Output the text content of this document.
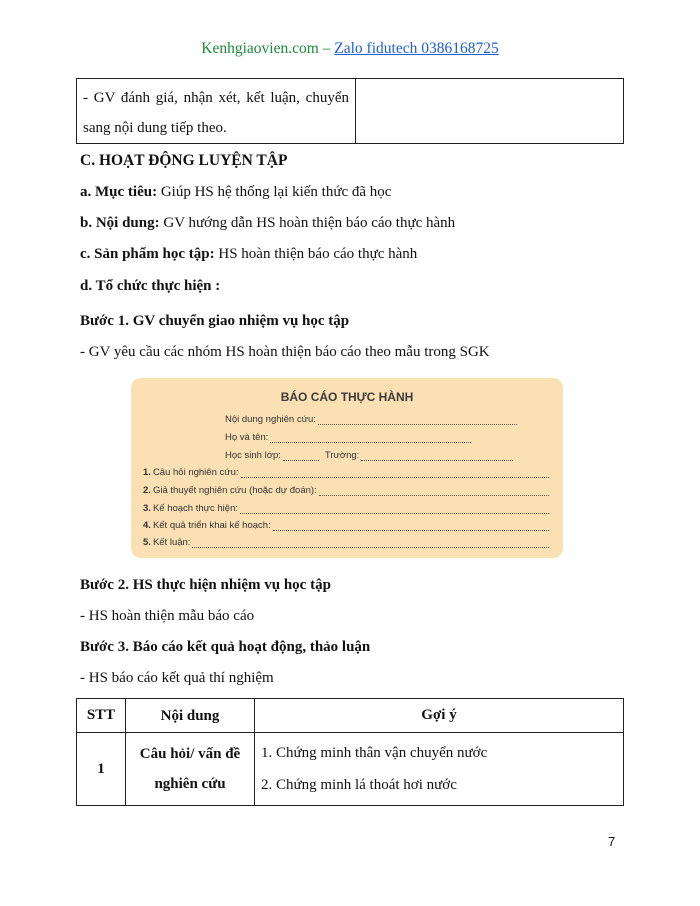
Kenhgiaovien.com – Zalo fidutech 0386168725
- GV đánh giá, nhận xét, kết luận, chuyển sang nội dung tiếp theo.	
C. HOẠT ĐỘNG LUYỆN TẬP
a. Mục tiêu: Giúp HS hệ thống lại kiến thức đã học
b. Nội dung: GV hướng dẫn HS hoàn thiện báo cáo thực hành
c. Sản phẩm học tập: HS hoàn thiện báo cáo thực hành
d. Tổ chức thực hiện :
Bước 1. GV chuyển giao nhiệm vụ học tập
- GV yêu cầu các nhóm HS hoàn thiện báo cáo theo mẫu trong SGK
BÁO CÁO THỰC HÀNH
Nội dung nghiên cứu:
Họ và tên:
Học sinh lớp:	Trường:
1. Câu hỏi nghiên cứu:
2. Giả thuyết nghiên cứu (hoặc dự đoán):
3. Kế hoạch thực hiện:
4. Kết quả triển khai kế hoạch:
5. Kết luận:
Bước 2. HS thực hiện nhiệm vụ học tập
- HS hoàn thiện mẫu báo cáo
Bước 3. Báo cáo kết quả hoạt động, thảo luận
- HS báo cáo kết quả thí nghiệm
STT	Nội dung	Gợi ý
1	Câu hỏi/ vấn đề nghiên cứu	1. Chứng minh thân vận chuyển nước
2. Chứng minh lá thoát hơi nước
7
